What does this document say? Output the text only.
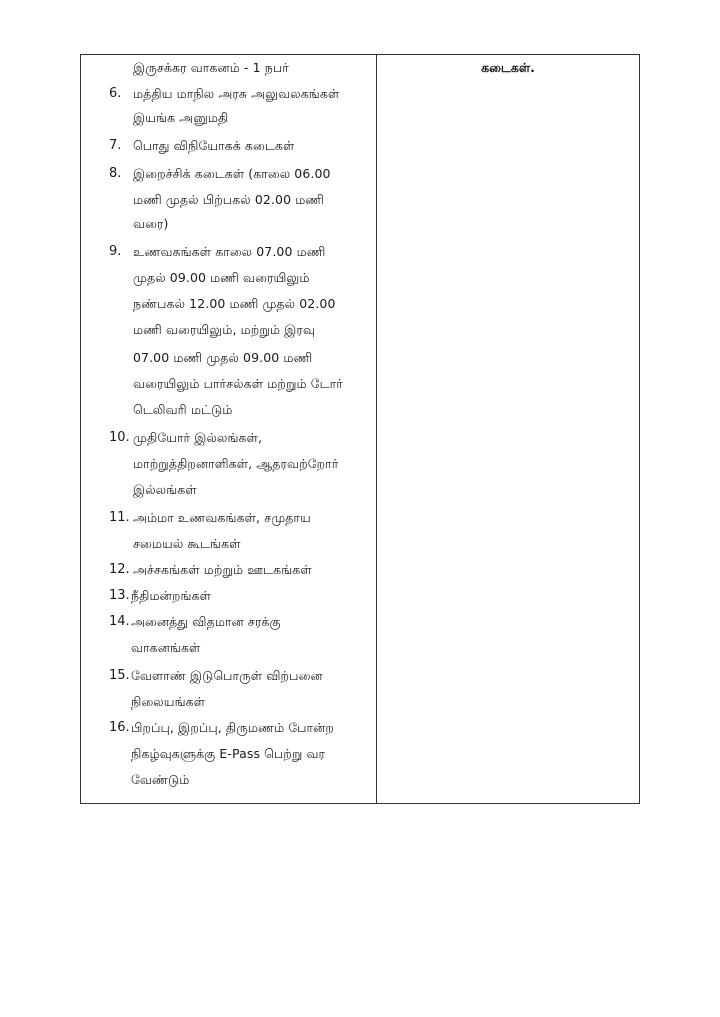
இருசக்கர வாகனம் - 1 நபர்
6. மத்திய மாநில அரசு அலுவலகங்கள்
இயங்க அனுமதி
7. பொது விநியோகக் கடைகள்
8. இறைச்சிக் கடைகள் (காலை 06.00
மணி முதல் பிற்பகல் 02.00 மணி
வரை)
9. உணவகங்கள் காலை 07.00 மணி
முதல் 09.00 மணி வரையிலும்
நண்பகல் 12.00 மணி முதல் 02.00
மணி வரையிலும், மற்றும் இரவு
07.00 மணி முதல் 09.00 மணி
வரையிலும் பார்சல்கள் மற்றும் டோர்
டெலிவரி மட்டும்
10. முதியோர் இல்லங்கள்,
மாற்றுத்திறனாளிகள், ஆதரவற்றோர்
இல்லங்கள்
11. அம்மா உணவகங்கள், சமுதாய
சமையல் கூடங்கள்
12. அச்சகங்கள் மற்றும் ஊடகங்கள்
13. நீதிமன்றங்கள்
14. அனைத்து விதமான சரக்கு
வாகனங்கள்
15. வேளாண் இடுபொருள் விற்பனை
நிலையங்கள்
16. பிறப்பு, இறப்பு, திருமணம் போன்ற
நிகழ்வுகளுக்கு E-Pass பெற்று வர
வேண்டும்
கடைகள்.
